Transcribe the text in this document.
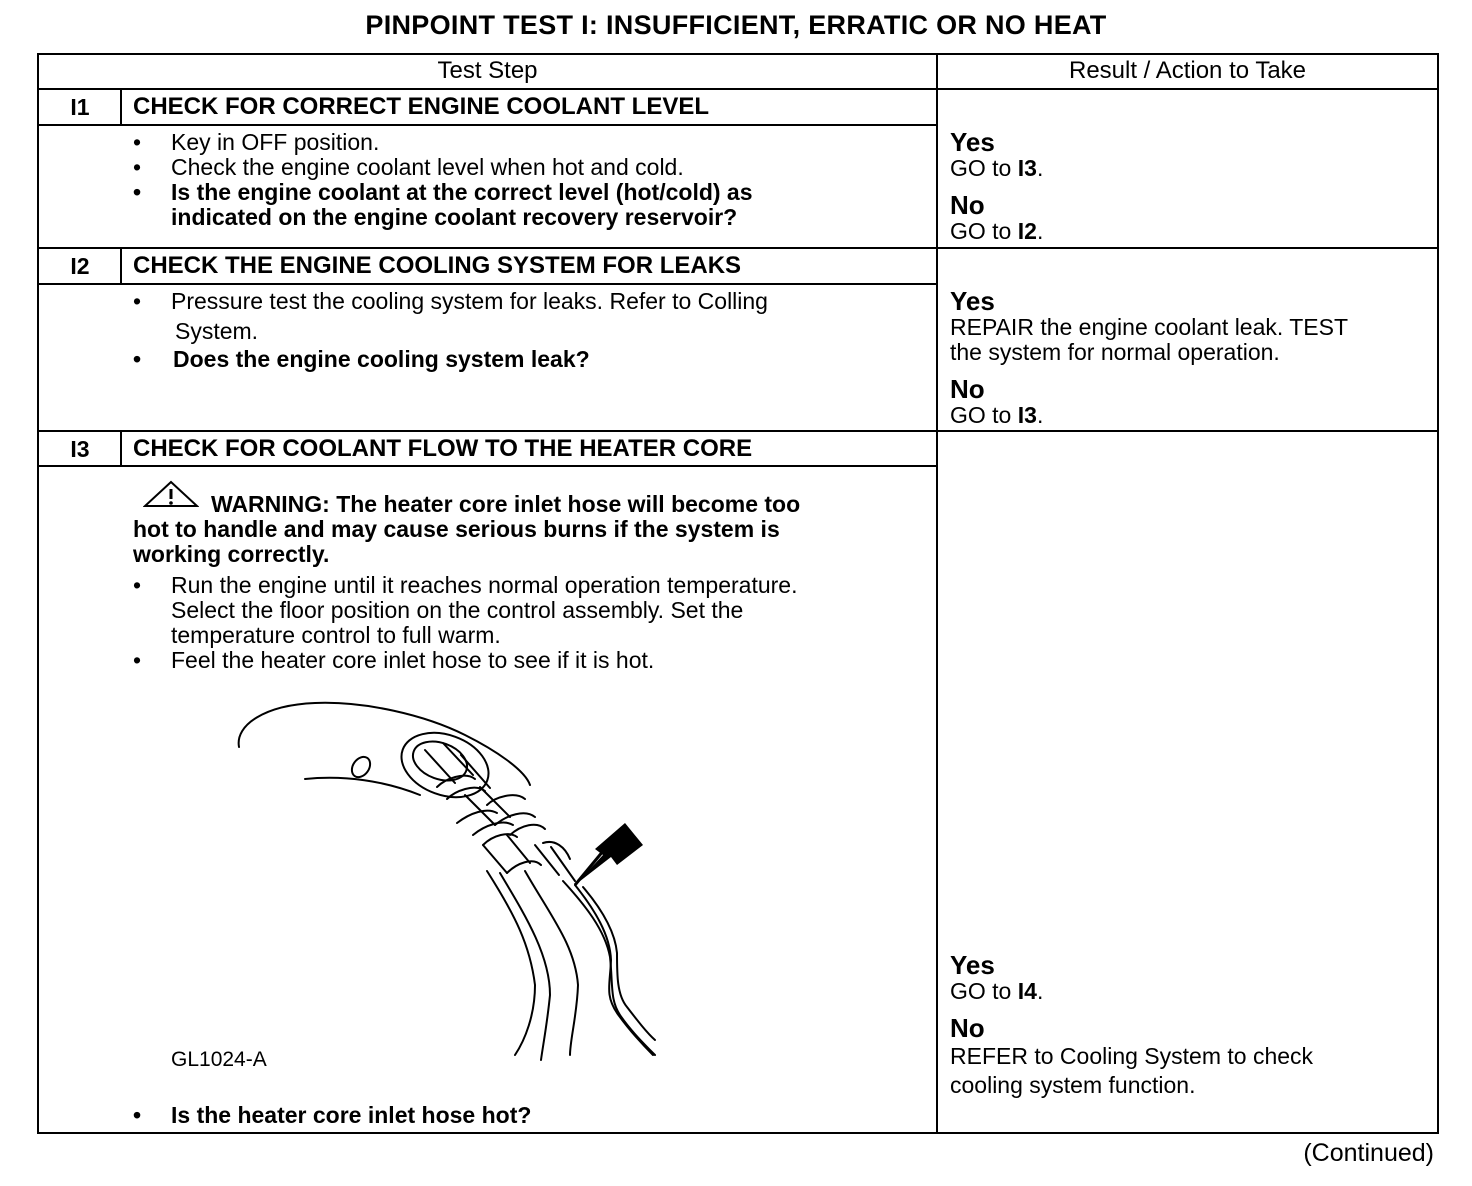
PINPOINT TEST I: INSUFFICIENT, ERRATIC OR NO HEAT
Test Step	Result / Action to Take
I1	CHECK FOR CORRECT ENGINE COOLANT LEVEL
• Key in OFF position.
• Check the engine coolant level when hot and cold.
• Is the engine coolant at the correct level (hot/cold) as
indicated on the engine coolant recovery reservoir?
Yes
GO to I3.
No
GO to I2.
I2	CHECK THE ENGINE COOLING SYSTEM FOR LEAKS
• Pressure test the cooling system for leaks. Refer to Colling
System.
• Does the engine cooling system leak?
Yes
REPAIR the engine coolant leak. TEST
the system for normal operation.
No
GO to I3.
I3	CHECK FOR COOLANT FLOW TO THE HEATER CORE
WARNING: The heater core inlet hose will become too
hot to handle and may cause serious burns if the system is
working correctly.
• Run the engine until it reaches normal operation temperature.
Select the floor position on the control assembly. Set the
temperature control to full warm.
• Feel the heater core inlet hose to see if it is hot.
GL1024-A
• Is the heater core inlet hose hot?
Yes
GO to I4.
No
REFER to Cooling System to check
cooling system function.
(Continued)
